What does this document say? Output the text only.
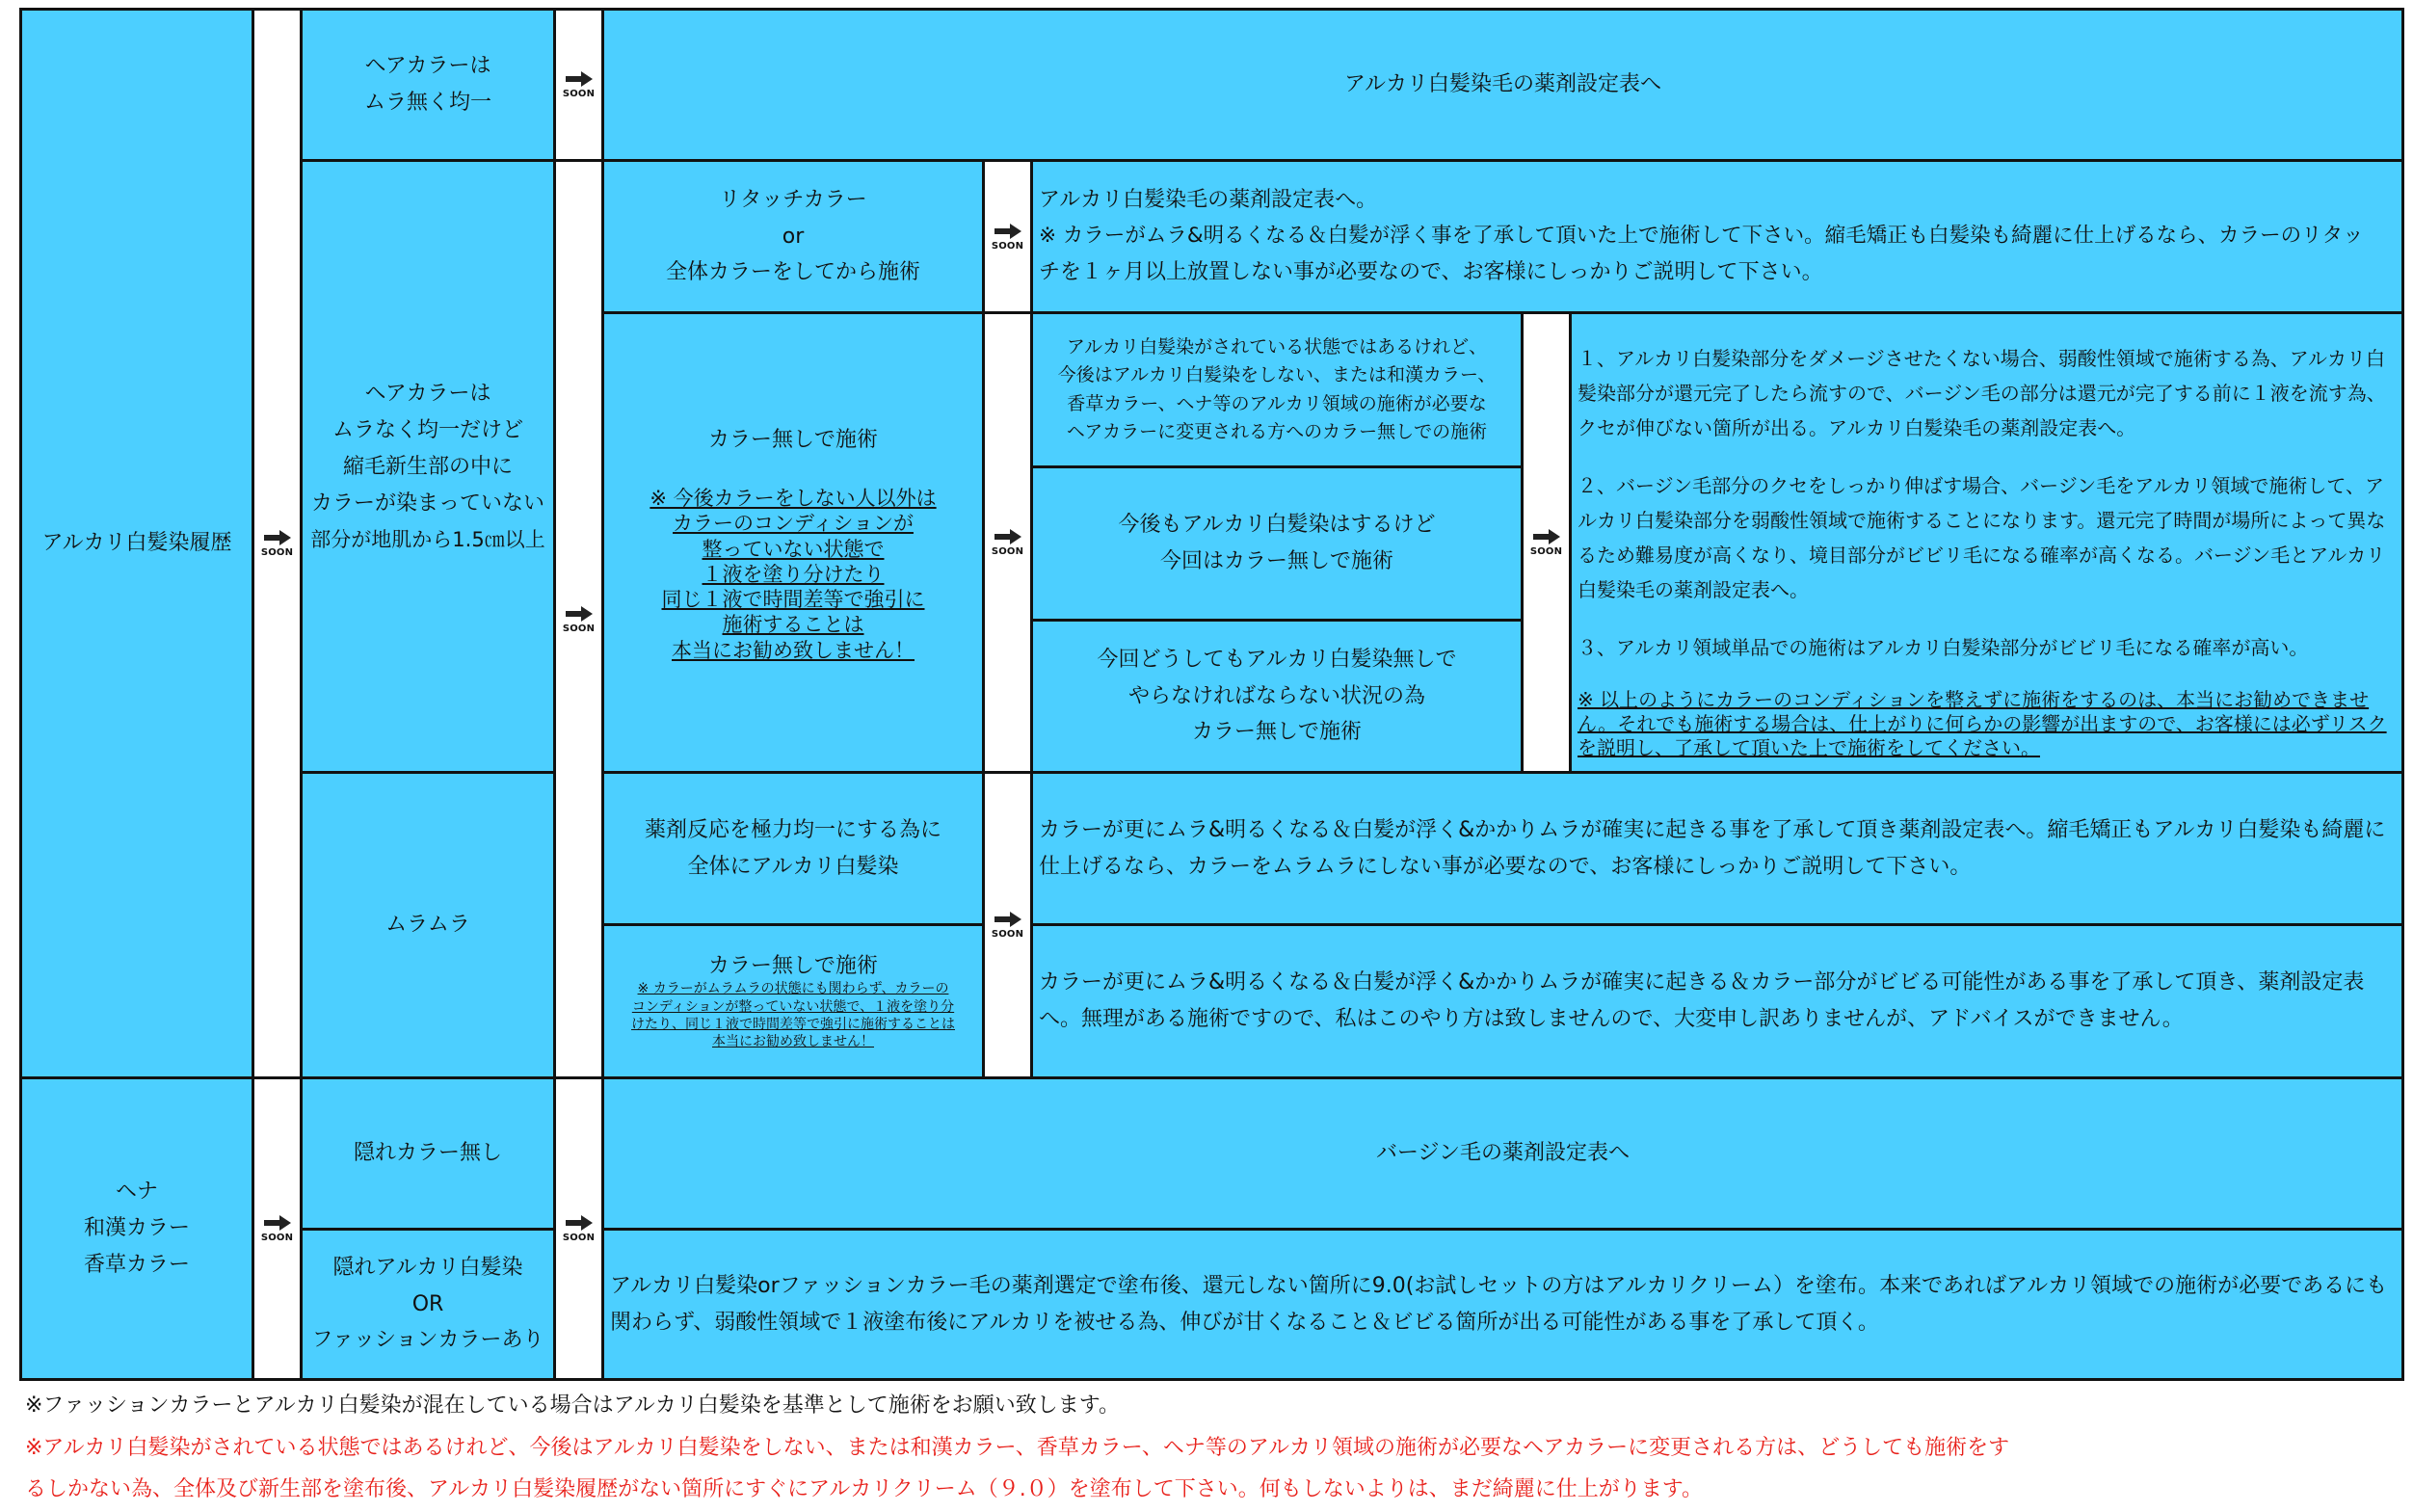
アルカリ白髪染履歴
ヘナ
和漢カラー
香草カラー
SOON
SOON
ヘアカラーは
ムラ無く均一
ヘアカラーは
ムラなく均一だけど
縮毛新生部の中に
カラーが染まっていない
部分が地肌から1.5㎝以上
ムラムラ
隠れカラー無し
隠れアルカリ白髪染
OR
ファッションカラーあり
SOON
SOON
SOON
アルカリ白髪染毛の薬剤設定表へ
リタッチカラー
or
全体カラーをしてから施術
カラー無しで施術
※ 今後カラーをしない人以外は
カラーのコンディションが
整っていない状態で
１液を塗り分けたり
同じ１液で時間差等で強引に
施術することは
本当にお勧め致しません！
薬剤反応を極力均一にする為に
全体にアルカリ白髪染
カラー無しで施術
※ カラーがムラムラの状態にも関わらず、カラーの
コンディションが整っていない状態で、１液を塗り分
けたり、同じ１液で時間差等で強引に施術することは
本当にお勧め致しません！
SOON
SOON
SOON
アルカリ白髪染毛の薬剤設定表へ。
※ カラーがムラ&明るくなる＆白髪が浮く事を了承して頂いた上で施術して下さい。縮毛矯正も白髪染も綺麗に仕上げるなら、カラーのリタッ
チを１ヶ月以上放置しない事が必要なので、お客様にしっかりご説明して下さい。
アルカリ白髪染がされている状態ではあるけれど、
今後はアルカリ白髪染をしない、または和漢カラー、
香草カラー、ヘナ等のアルカリ領域の施術が必要な
ヘアカラーに変更される方へのカラー無しでの施術
今後もアルカリ白髪染はするけど
今回はカラー無しで施術
今回どうしてもアルカリ白髪染無しで
やらなければならない状況の為
カラー無しで施術
SOON
１、アルカリ白髪染部分をダメージさせたくない場合、弱酸性領域で施術する為、アルカリ白
髪染部分が還元完了したら流すので、バージン毛の部分は還元が完了する前に１液を流す為、
クセが伸びない箇所が出る。アルカリ白髪染毛の薬剤設定表へ。
２、バージン毛部分のクセをしっかり伸ばす場合、バージン毛をアルカリ領域で施術して、ア
ルカリ白髪染部分を弱酸性領域で施術することになります。還元完了時間が場所によって異な
るため難易度が高くなり、境目部分がビビリ毛になる確率が高くなる。バージン毛とアルカリ
白髪染毛の薬剤設定表へ。
３、アルカリ領域単品での施術はアルカリ白髪染部分がビビリ毛になる確率が高い。
※ 以上のようにカラーのコンディションを整えずに施術をするのは、本当にお勧めできませ
ん。それでも施術する場合は、仕上がりに何らかの影響が出ますので、お客様には必ずリスク
を説明し、了承して頂いた上で施術をしてください。
カラーが更にムラ&明るくなる＆白髪が浮く&かかりムラが確実に起きる事を了承して頂き薬剤設定表へ。縮毛矯正もアルカリ白髪染も綺麗に
仕上げるなら、カラーをムラムラにしない事が必要なので、お客様にしっかりご説明して下さい。
カラーが更にムラ&明るくなる＆白髪が浮く&かかりムラが確実に起きる＆カラー部分がビビる可能性がある事を了承して頂き、薬剤設定表
へ。無理がある施術ですので、私はこのやり方は致しませんので、大変申し訳ありませんが、アドバイスができません。
バージン毛の薬剤設定表へ
アルカリ白髪染orファッションカラー毛の薬剤選定で塗布後、還元しない箇所に9.0(お試しセットの方はアルカリクリーム）を塗布。本来であればアルカリ領域での施術が必要であるにも
関わらず、弱酸性領域で１液塗布後にアルカリを被せる為、伸びが甘くなること＆ビビる箇所が出る可能性がある事を了承して頂く。
※ファッションカラーとアルカリ白髪染が混在している場合はアルカリ白髪染を基準として施術をお願い致します。
※アルカリ白髪染がされている状態ではあるけれど、今後はアルカリ白髪染をしない、または和漢カラー、香草カラー、ヘナ等のアルカリ領域の施術が必要なヘアカラーに変更される方は、どうしても施術をす
るしかない為、全体及び新生部を塗布後、アルカリ白髪染履歴がない箇所にすぐにアルカリクリーム（９.０）を塗布して下さい。何もしないよりは、まだ綺麗に仕上がります。
